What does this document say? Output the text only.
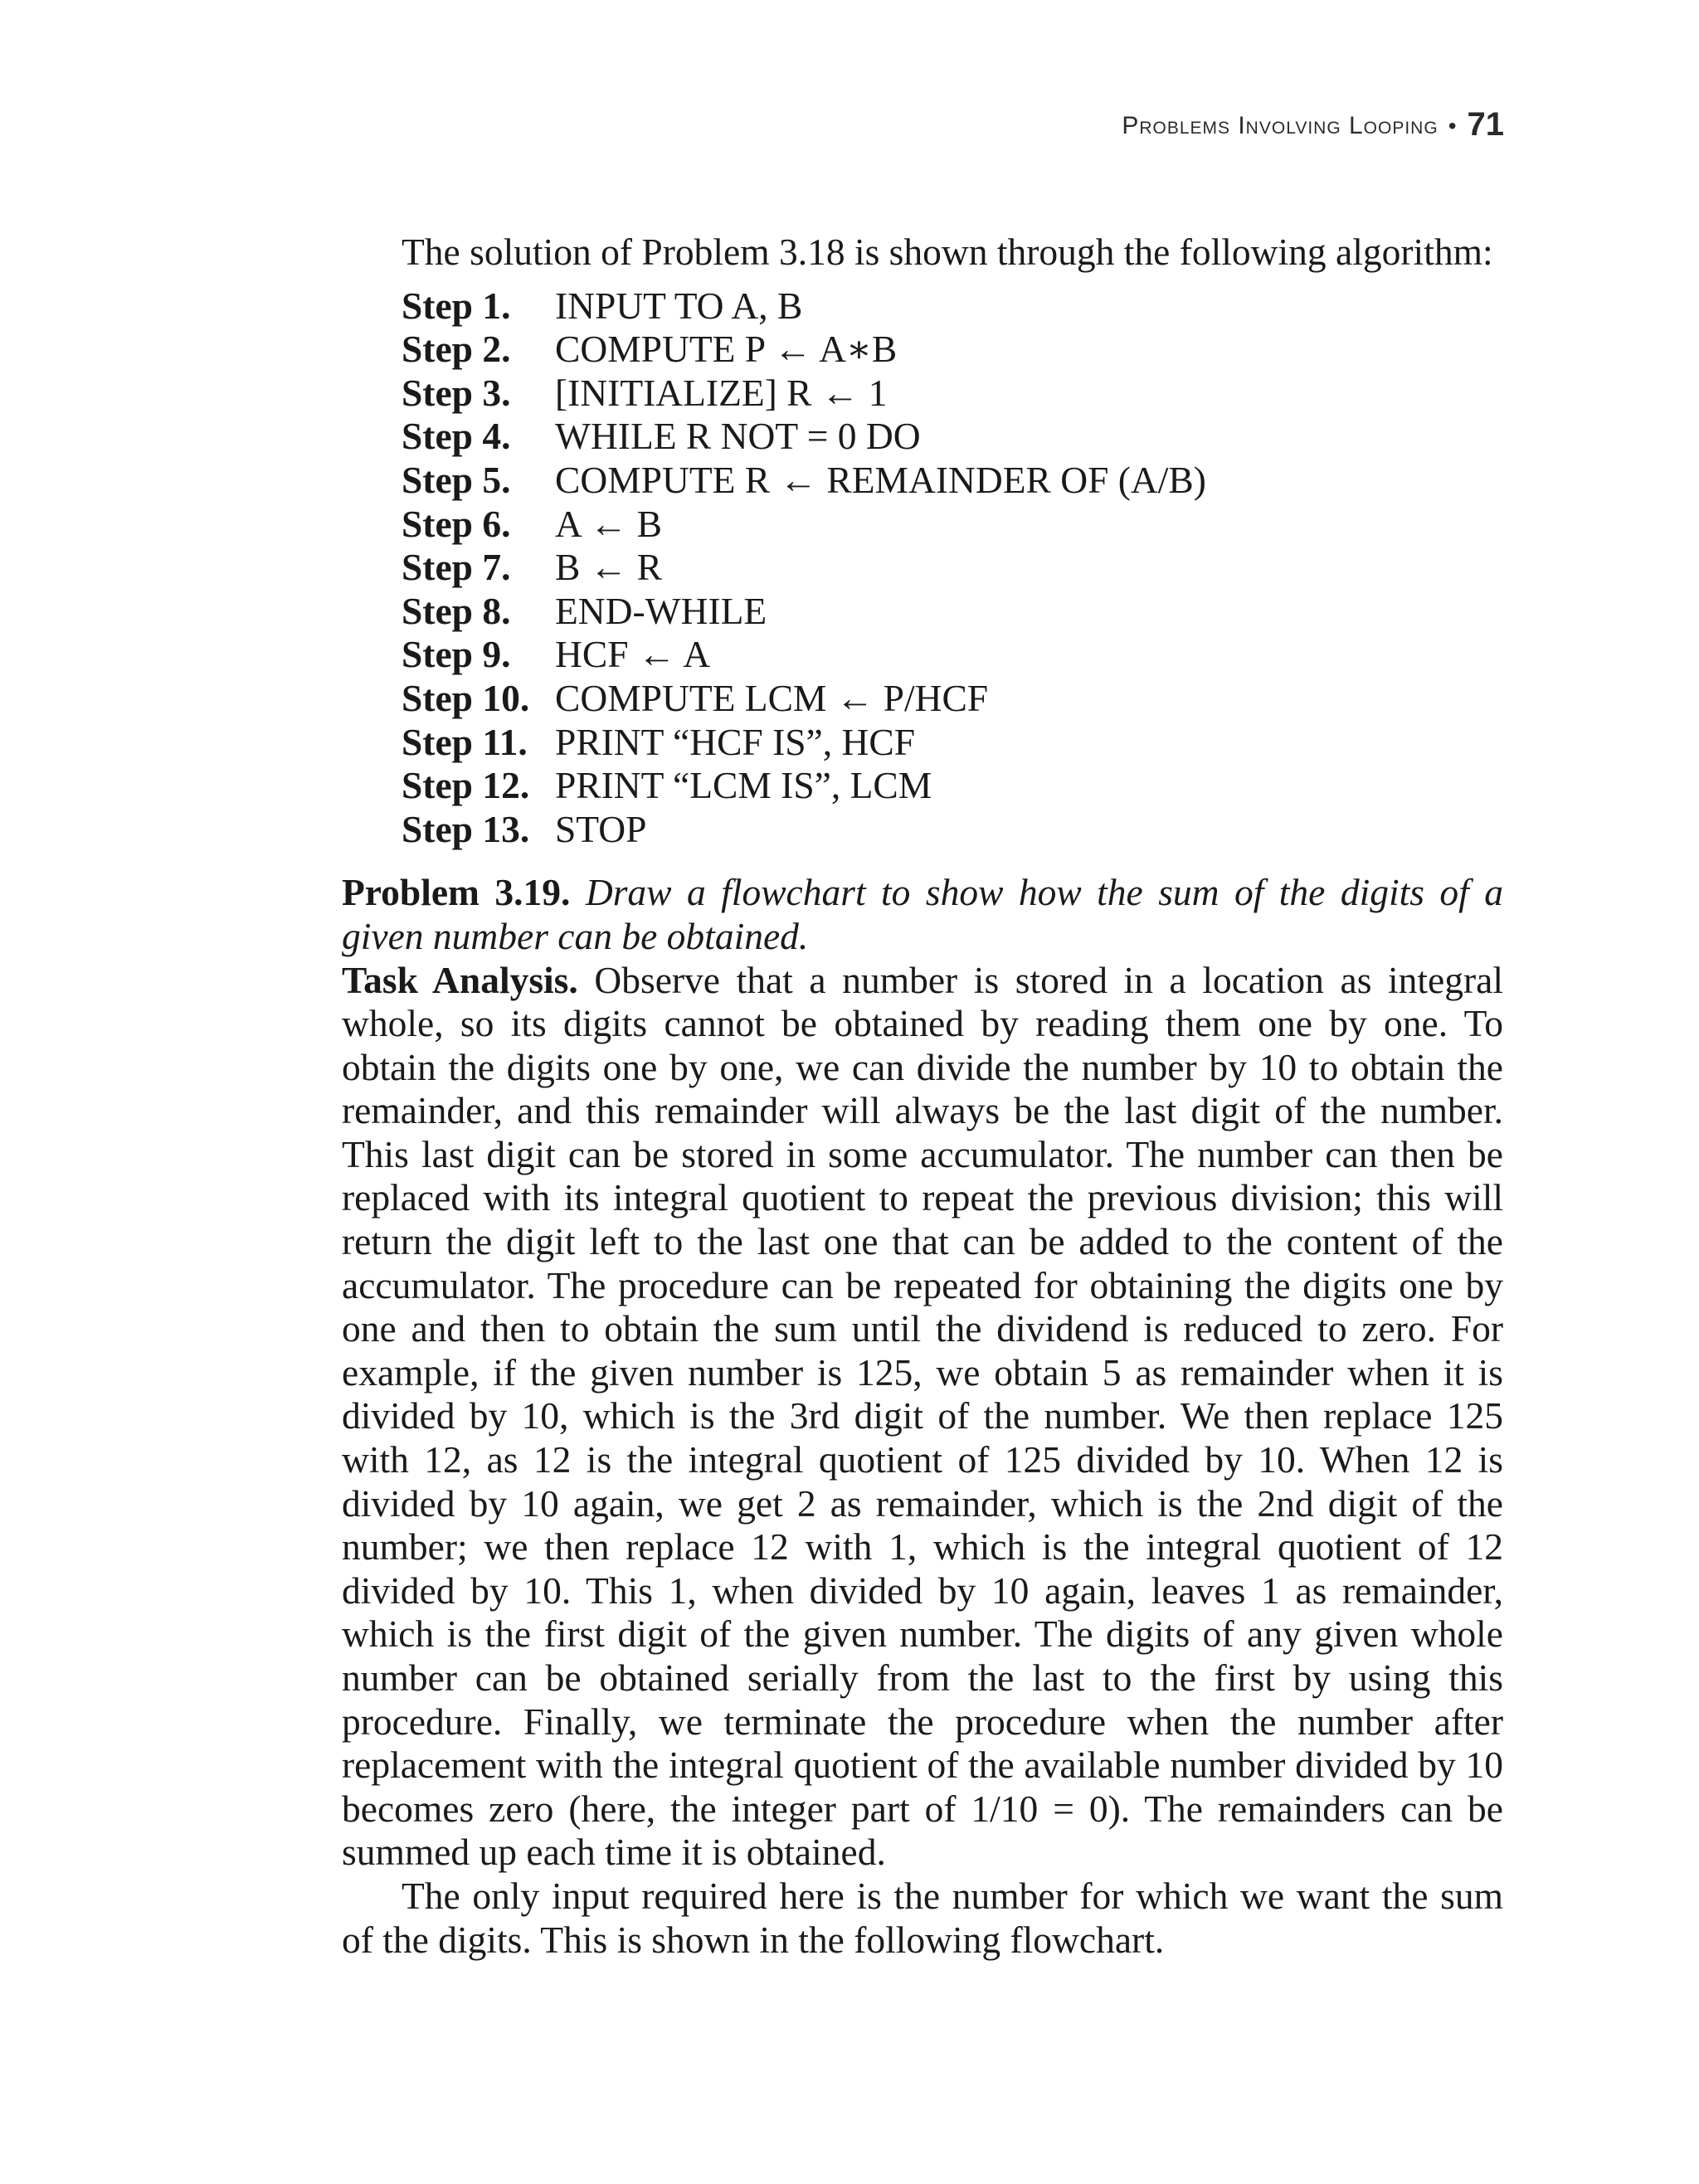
Problems Involving Looping • 71

The solution of Problem 3.18 is shown through the following algorithm:

Step 1.	INPUT TO A, B
Step 2.	COMPUTE P ← A∗B
Step 3.	[INITIALIZE] R ← 1
Step 4.	WHILE R NOT = 0 DO
Step 5.	COMPUTE R ← REMAINDER OF (A/B)
Step 6.	A ← B
Step 7.	B ← R
Step 8.	END-WHILE
Step 9.	HCF ← A
Step 10. COMPUTE LCM ← P/HCF
Step 11. PRINT “HCF IS”, HCF
Step 12. PRINT “LCM IS”, LCM
Step 13. STOP

Problem 3.19. Draw a flowchart to show how the sum of the digits of a given number can be obtained.

Task Analysis. Observe that a number is stored in a location as integral whole, so its digits cannot be obtained by reading them one by one. To obtain the digits one by one, we can divide the number by 10 to obtain the remainder, and this remainder will always be the last digit of the number. This last digit can be stored in some accumulator. The number can then be replaced with its integral quotient to repeat the previous division; this will return the digit left to the last one that can be added to the content of the accumulator. The procedure can be repeated for obtaining the digits one by one and then to obtain the sum until the dividend is reduced to zero. For example, if the given number is 125, we obtain 5 as remainder when it is divided by 10, which is the 3rd digit of the number. We then replace 125 with 12, as 12 is the integral quotient of 125 divided by 10. When 12 is divided by 10 again, we get 2 as remainder, which is the 2nd digit of the number; we then replace 12 with 1, which is the integral quotient of 12 divided by 10. This 1, when divided by 10 again, leaves 1 as remainder, which is the first digit of the given number. The digits of any given whole number can be obtained serially from the last to the first by using this procedure. Finally, we terminate the procedure when the number after replacement with the integral quotient of the available number divided by 10 becomes zero (here, the integer part of 1/10 = 0). The remainders can be summed up each time it is obtained.

The only input required here is the number for which we want the sum of the digits. This is shown in the following flowchart.
